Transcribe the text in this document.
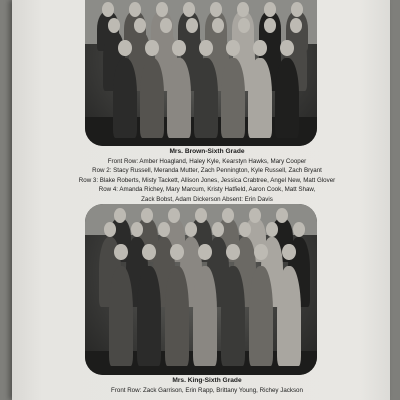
Mrs. Brown-Sixth Grade
Front Row: Amber Hoagland, Haley Kyle, Kearstyn Hawks, Mary Cooper
Row 2: Stacy Russell, Meranda Mutter, Zach Pennington, Kyle Russell, Zach Bryant
Row 3: Blake Roberts, Misty Tackett, Allison Jones, Jessica Crabtree, Angel New, Matt Glover
Row 4: Amanda Richey, Mary Marcum, Kristy Hatfield, Aaron Cook, Matt Shaw,
Zack Bobst, Adam Dickerson Absent: Erin Davis
Mrs. King-Sixth Grade
Front Row: Zack Garrison, Erin Rapp, Brittany Young, Richey Jackson
